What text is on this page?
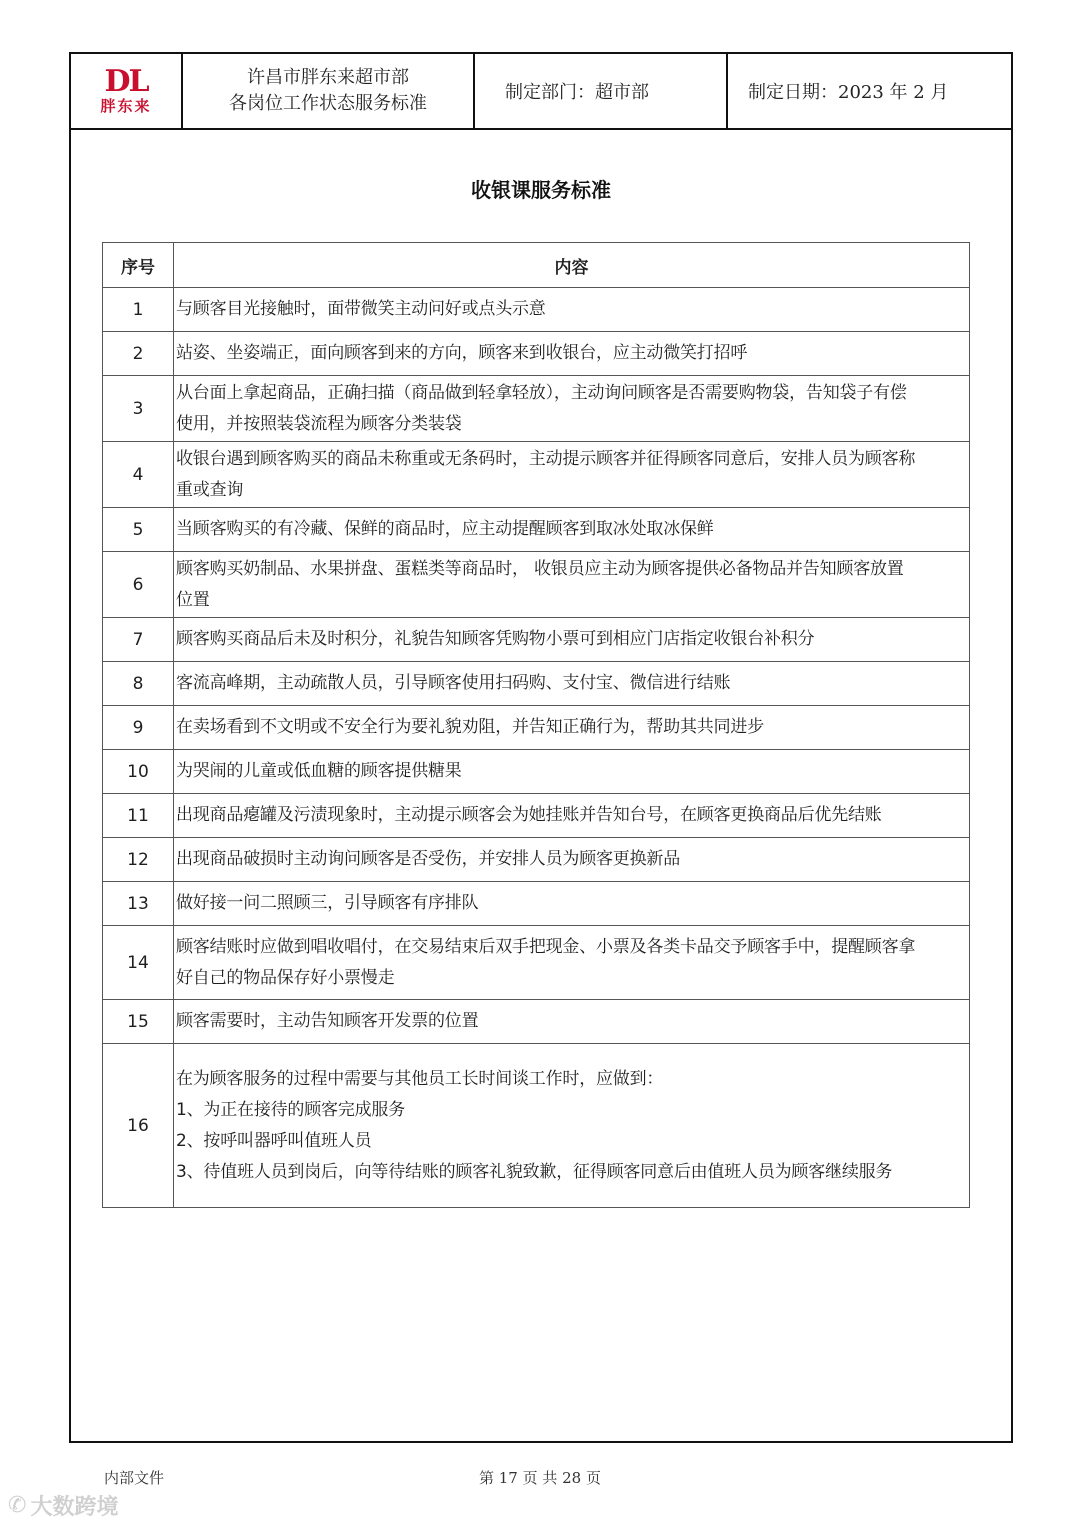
DL
胖东来
许昌市胖东来超市部
各岗位工作状态服务标准
制定部门：超市部	制定日期：2023 年 2 月
收银课服务标准
序号	内容
1	与顾客目光接触时，面带微笑主动问好或点头示意

2	站姿、坐姿端正，面向顾客到来的方向，顾客来到收银台，应主动微笑打招呼

3	从台面上拿起商品，正确扫描（商品做到轻拿轻放），主动询问顾客是否需要购物袋，告知袋子有偿
使用，并按照装袋流程为顾客分类装袋

4	收银台遇到顾客购买的商品未称重或无条码时，主动提示顾客并征得顾客同意后，安排人员为顾客称
重或查询

5	当顾客购买的有冷藏、保鲜的商品时，应主动提醒顾客到取冰处取冰保鲜

6	顾客购买奶制品、水果拼盘、蛋糕类等商品时， 收银员应主动为顾客提供必备物品并告知顾客放置
位置

7	顾客购买商品后未及时积分，礼貌告知顾客凭购物小票可到相应门店指定收银台补积分

8	客流高峰期，主动疏散人员，引导顾客使用扫码购、支付宝、微信进行结账

9	在卖场看到不文明或不安全行为要礼貌劝阻，并告知正确行为，帮助其共同进步

10	为哭闹的儿童或低血糖的顾客提供糖果

11	出现商品瘪罐及污渍现象时，主动提示顾客会为她挂账并告知台号，在顾客更换商品后优先结账

12	出现商品破损时主动询问顾客是否受伤，并安排人员为顾客更换新品

13	做好接一问二照顾三，引导顾客有序排队

14	顾客结账时应做到唱收唱付，在交易结束后双手把现金、小票及各类卡品交予顾客手中，提醒顾客拿
好自己的物品保存好小票慢走

15	顾客需要时，主动告知顾客开发票的位置

16	在为顾客服务的过程中需要与其他员工长时间谈工作时，应做到：
1、为正在接待的顾客完成服务
2、按呼叫器呼叫值班人员
3、待值班人员到岗后，向等待结账的顾客礼貌致歉，征得顾客同意后由值班人员为顾客继续服务
内部文件	第 17 页 共 28 页
✆ 大数跨境
